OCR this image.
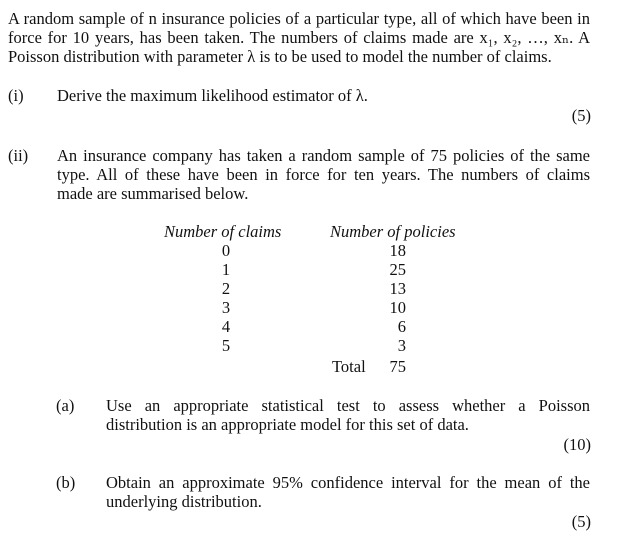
A random sample of n insurance policies of a particular type, all of which have been in
force for 10 years, has been taken. The numbers of claims made are x₁, x₂, …, xₙ. A
Poisson distribution with parameter λ is to be used to model the number of claims.
(i) Derive the maximum likelihood estimator of λ.
(5)
(ii) An insurance company has taken a random sample of 75 policies of the same
type. All of these have been in force for ten years. The numbers of claims
made are summarised below.
Number of claims	Number of policies
0
1
2
3
4
5
18
25
13
10
6
3
Total	75
(a) Use an appropriate statistical test to assess whether a Poisson
distribution is an appropriate model for this set of data.
(10)
(b) Obtain an approximate 95% confidence interval for the mean of the
underlying distribution.
(5)
